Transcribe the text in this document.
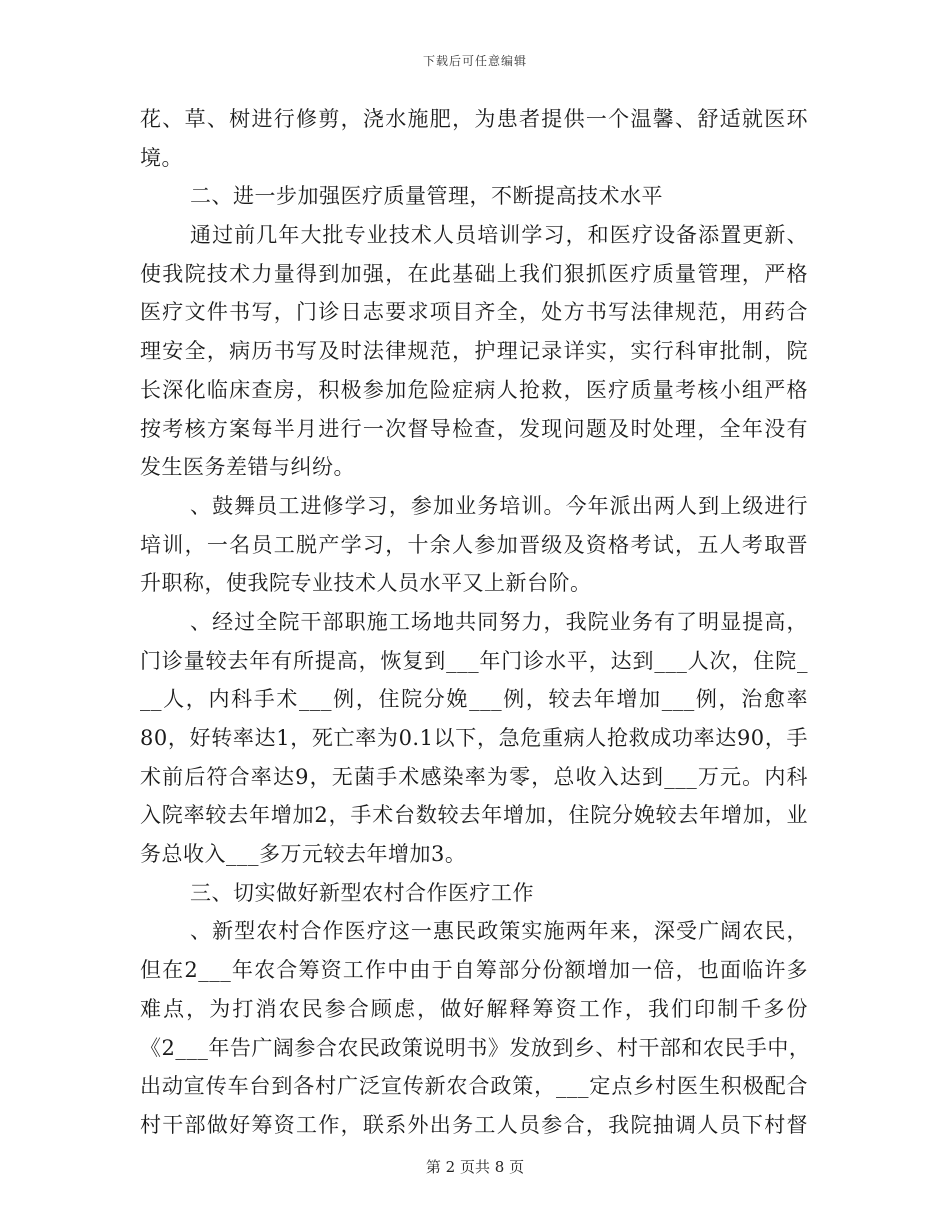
下载后可任意编辑
花、草、树进行修剪，浇水施肥，为患者提供一个温馨、舒适就医环
境。
二、进一步加强医疗质量管理，不断提高技术水平
通过前几年大批专业技术人员培训学习，和医疗设备添置更新、
使我院技术力量得到加强，在此基础上我们狠抓医疗质量管理，严格
医疗文件书写，门诊日志要求项目齐全，处方书写法律规范，用药合
理安全，病历书写及时法律规范，护理记录详实，实行科审批制，院
长深化临床查房，积极参加危险症病人抢救，医疗质量考核小组严格
按考核方案每半月进行一次督导检查，发现问题及时处理，全年没有
发生医务差错与纠纷。
、鼓舞员工进修学习，参加业务培训。今年派出两人到上级进行
培训，一名员工脱产学习，十余人参加晋级及资格考试，五人考取晋
升职称，使我院专业技术人员水平又上新台阶。
、经过全院干部职施工场地共同努力，我院业务有了明显提高，
门诊量较去年有所提高，恢复到___年门诊水平，达到___人次，住院_
__人，内科手术___例，住院分娩___例，较去年增加___例，治愈率
80，好转率达1，死亡率为0.1以下，急危重病人抢救成功率达90，手
术前后符合率达9，无菌手术感染率为零，总收入达到___万元。内科
入院率较去年增加2，手术台数较去年增加，住院分娩较去年增加，业
务总收入___多万元较去年增加3。
三、切实做好新型农村合作医疗工作
、新型农村合作医疗这一惠民政策实施两年来，深受广阔农民，
但在2___年农合筹资工作中由于自筹部分份额增加一倍，也面临许多
难点，为打消农民参合顾虑，做好解释筹资工作，我们印制千多份
《2___年告广阔参合农民政策说明书》发放到乡、村干部和农民手中，
出动宣传车台到各村广泛宣传新农合政策，___定点乡村医生积极配合
村干部做好筹资工作，联系外出务工人员参合，我院抽调人员下村督
第 2 页共 8 页
